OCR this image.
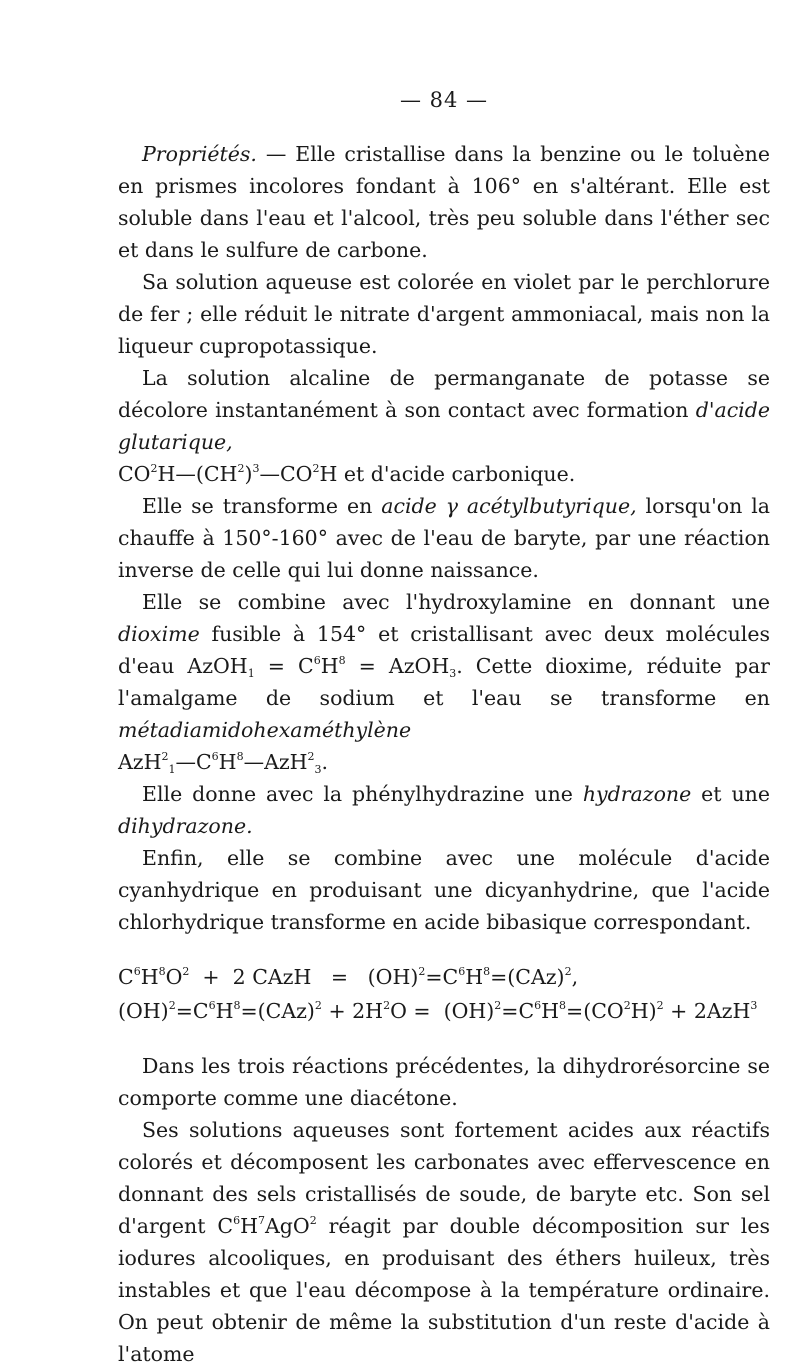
— 84 —

Propriétés. — Elle cristallise dans la benzine ou le toluène en prismes incolores fondant à 106° en s'altérant. Elle est soluble dans l'eau et l'alcool, très peu soluble dans l'éther sec et dans le sulfure de carbone.

Sa solution aqueuse est colorée en violet par le perchlorure de fer ; elle réduit le nitrate d'argent ammoniacal, mais non la liqueur cupropotassique.

La solution alcaline de permanganate de potasse se décolore instantanément à son contact avec formation d'acide glutarique,
$CO^2H—(CH^2)^3—CO^2H$ et d'acide carbonique.

Elle se transforme en acide γ acétylbutyrique, lorsqu'on la chauffe à 150°-160° avec de l'eau de baryte, par une réaction inverse de celle qui lui donne naissance.

Elle se combine avec l'hydroxylamine en donnant une dioxime fusible à 154° et cristallisant avec deux molécules d'eau AzOH$_1$ = $C^6H^8$ = AzOH$_3$. Cette dioxime, réduite par l'amalgame de sodium et l'eau se transforme en métadiamidohexaméthylène
$AzH^2_1—C^6H^8—AzH^2_3$.

Elle donne avec la phénylhydrazine une hydrazone et une dihydrazone.

Enfin, elle se combine avec une molécule d'acide cyanhydrique en produisant une dicyanhydrine, que l'acide chlorhydrique transforme en acide bibasique correspondant.

$C^6H^8O^2 + 2$ CAzH   =   $(OH)^2=C^6H^8=(CAz)^2$,
$(OH)^2=C^6H^8=(CAz)^2 + 2H^2O = (OH)^2=C^6H^8=(CO^2H)^2 + 2AzH^3$

Dans les trois réactions précédentes, la dihydrorésorcine se comporte comme une diacétone.

Ses solutions aqueuses sont fortement acides aux réactifs colorés et décomposent les carbonates avec effervescence en donnant des sels cristallisés de soude, de baryte etc. Son sel d'argent $C^6H^7AgO^2$ réagit par double décomposition sur les iodures alcooliques, en produisant des éthers huileux, très instables et que l'eau décompose à la température ordinaire. On peut obtenir de même la substitution d'un reste d'acide à l'atome
